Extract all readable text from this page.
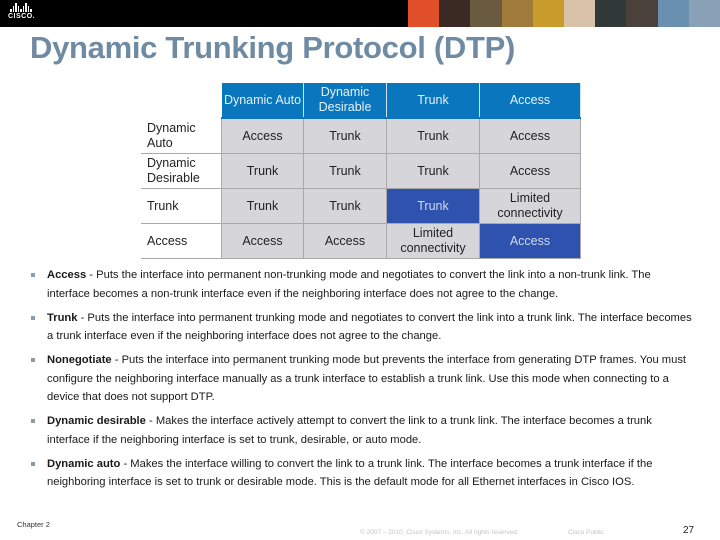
CISCO.
Dynamic Trunking Protocol (DTP)
	Dynamic Auto	Dynamic Desirable	Trunk	Access
Dynamic Auto	Access	Trunk	Trunk	Access
Dynamic Desirable	Trunk	Trunk	Trunk	Access
Trunk	Trunk	Trunk	Trunk	Limited connectivity
Access	Access	Access	Limited connectivity	Access
Access - Puts the interface into permanent non-trunking mode and negotiates to convert the link into a non-trunk link. The interface becomes a non-trunk interface even if the neighboring interface does not agree to the change.
Trunk - Puts the interface into permanent trunking mode and negotiates to convert the link into a trunk link. The interface becomes a trunk interface even if the neighboring interface does not agree to the change.
Nonegotiate - Puts the interface into permanent trunking mode but prevents the interface from generating DTP frames. You must configure the neighboring interface manually as a trunk interface to establish a trunk link. Use this mode when connecting to a device that does not support DTP.
Dynamic desirable - Makes the interface actively attempt to convert the link to a trunk link. The interface becomes a trunk interface if the neighboring interface is set to trunk, desirable, or auto mode.
Dynamic auto - Makes the interface willing to convert the link to a trunk link. The interface becomes a trunk interface if the neighboring interface is set to trunk or desirable mode. This is the default mode for all Ethernet interfaces in Cisco IOS.
Chapter 2
© 2007 – 2010, Cisco Systems, Inc. All rights reserved.	Cisco Public	27
